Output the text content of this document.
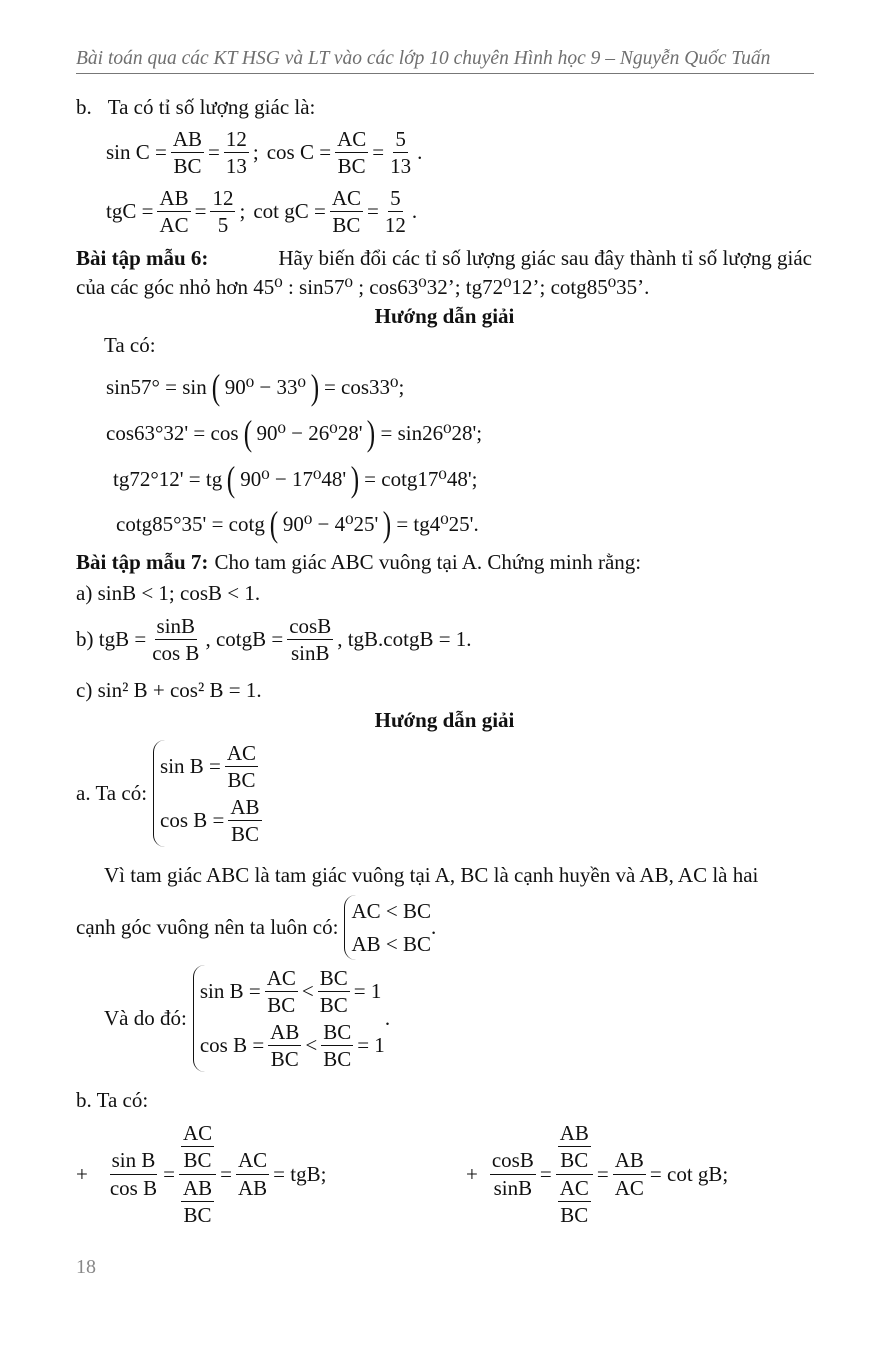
Bài toán qua các KT HSG và LT vào các lớp 10 chuyên Hình học 9 – Nguyễn Quốc Tuấn
b. Ta có tỉ số lượng giác là:
$\sin C = \frac{AB}{BC} = \frac{12}{13}$ ; $\cos C = \frac{AC}{BC} = \frac{5}{13}$ .
tgC = $\frac{AB}{AC} = \frac{12}{5}$ ; cot gC = $\frac{AC}{BC} = \frac{5}{12}$ .
Bài tập mẫu 6:	Hãy biến đổi các tỉ số lượng giác sau đây thành tỉ số lượng giác
của các góc nhỏ hơn 45⁰ : sin57⁰ ; cos63⁰32’; tg72⁰12’; cotg85⁰35’.
Hướng dẫn giải
Ta có:
sin57° = sin ( 90⁰ − 33⁰ ) = cos33⁰;
cos63°32' = cos ( 90⁰ − 26⁰28' ) = sin26⁰28';
tg72°12' = tg ( 90⁰ − 17⁰48' ) = cotg17⁰48';
cotg85°35' = cotg ( 90⁰ − 4⁰25' ) = tg4⁰25'.
Bài tập mẫu 7: Cho tam giác ABC vuông tại A. Chứng minh rằng:
a) sinB < 1; cosB < 1.
b) tgB = $\frac{\sin B}{\text{cos B}}$ , cotgB = $\frac{\cos B}{\sin B}$ , tgB.cotgB = 1.
c) sin² B + cos² B = 1.
Hướng dẫn giải
a. Ta có:
$\sin B = \frac{AC}{BC}$
$\cos B = \frac{AB}{BC}$
Vì tam giác ABC là tam giác vuông tại A, BC là cạnh huyền và AB, AC là hai
cạnh góc vuông nên ta luôn có:
AC < BC
AB < BC
.
Và do đó:
$\sin B = \frac{AC}{BC} < \frac{BC}{BC} = 1$
$\cos B = \frac{AB}{BC} < \frac{BC}{BC} = 1$
.
b. Ta có:
+ $\frac{\text{sin B}}{\text{cos B}} = \frac{\frac{AC}{BC}}{\frac{AB}{BC}} = \frac{AC}{AB}$ = tgB;	+ $\frac{\cos B}{\sin B} = \frac{\frac{AB}{BC}}{\frac{AC}{BC}} = \frac{AB}{AC} = \cot$ gB;
18
